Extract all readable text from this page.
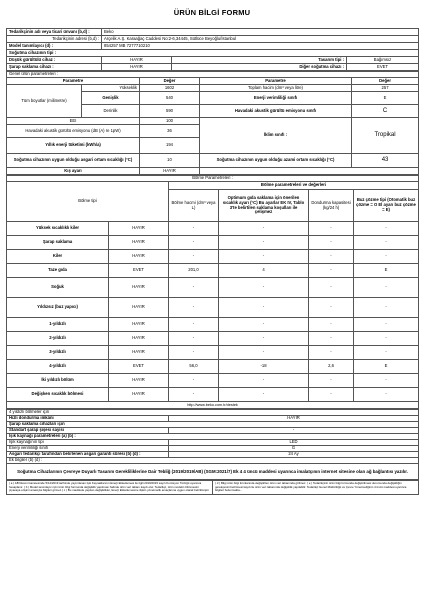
ÜRÜN BİLGİ FORMU
Tedarikçinin adı veya ticari ünvanı (b,d) :	Beko		
Tedarikçinin adresi (b,d) :	Arçelik A.Ş. Karaağaç Caddesi No:2-6,34445, Sütlüce Beyoğlu/İstanbul		
Model tanımlayıcı (d) :	854257 MB 7277710210		
Soğutma cihazının tipi :			
Düşük gürültülü cihaz :	HAYIR	Tasarım tipi :	Bağımsız
Şarap saklama cihazı :	HAYIR	Diğer soğutma cihazı :	EVET
Genel ürün parametreleri :				
Parametre		Değer	Parametre	Değer
Tüm boyutlar (milimetre)	Yükseklik	1602	Toplam hacim (dm³ veya litre)	257
	Genişlik	540	Enerji verimliliği sınıfı	E
	Derinlik	590	Havadaki akustik gürültü emisyonu sınıfı	C
EEI		100	İklim sınıfı :	Tropikal
Havadaki akustik gürültü emisyonu (dB (A) re 1pW)		36		
Yıllık enerji tüketimi (kWh/a)		194		
Soğutma cihazının uygun olduğu asgari ortam sıcaklığı (°C)		10	Soğutma cihazının uygun olduğu azami ortam sıcaklığı (°C)	43
Kış ayarı		HAYIR		
Bölme Parametreleri :					
Bölme tipi		Bölme parametreleri ve değerleri			
		Bölme hacmi (dm³ veya L)	Optimum gıda saklama için önerilen sıcaklık ayarı (°C) Bu ayarlar EK IV, Tablo 3'te belirtilen saklama koşulları ile çelişmez	Dondurma kapasitesi (kg/24 h)	Buz çözme tipi (Otomatik buz çözme = O El ayarı buz çözme = E)
Yüksek sıcaklıklı kiler	HAYIR	-	-	-	-
Şarap saklama	HAYIR	-	-	-	-
Kiler	HAYIR	-	-	-	-
Taze gıda	EVET	201,0	4	-	E
Soğuk	HAYIR	-	-	-	-
Yıldızsız (buz yapıcı)	HAYIR	-	-	-	-
1-yıldızlı	HAYIR	-	-	-	-
2-yıldızlı	HAYIR	-	-	-	-
3-yıldızlı	HAYIR	-	-	-	-
4-yıldızlı	EVET	56,0	-18	2,6	E
İki yıldızlı bölüm	HAYIR	-	-	-	-
Değişken sıcaklık bölmesi	HAYIR	-	-	-	-
http://www.beko.com.tr/destek					
4 yıldızlı bölmeler için	
Hızlı dondurma imkânı	HAYIR
Şarap saklama cihazları için	
Standart şarap şişesi sayısı	-
Işık kaynağı parametreleri (a) (b) :	
Işık kaynağının tipi	LED
Enerji verimliliği sınıfı	G
Asgari tedarikçi tarafından belirlenen asgari garanti süresi (b) (d) :	24 Ay
Ek bilgiler (b) (d) :	
Soğutma Cihazlarının Çevreye Duyarlı Tasarım Gerekliliklerine Dair Tebliğ (2019/2019/AB) (SGM:2021/7) Ek 4 4 üncü maddesi uyarınca imalatçının internet sitesine olan ağ bağlantısı yazılır.	
( a ) AB Resmi Gazetesinde 5/12/2019 tarihinde yayımlanan Işık Kaynaklarının Enerji Etiketlemesi ile ilgili 2019/2015 sayılı Komisyon Tüzüğü uyarınca hesaplanır. ( b ) Model tanımlayıcı için ürün bilgi formunda değişiklik yapılması halinde ürün veri tabanı kaydı olur. Tedarikçi, ürün modelin bilinmesini piyasaya erişimi amacıyla bilgileri girmez.( c ) Bu maddede yapılan değişiklikler, Enerji Etiketlemesine ilişkin yönetmelik amaçlarına uygun olarak belirtilmiştir.	( d ) Bilgi ürün bilgi formlarında değiştirilen ürün veri tabanında girilmez. ( e ) Tedarikçinin ürün bilgi formunda değiştirilmesi durumunda değişikliğin gerekçesini belirtmesi kaydı ile ürün veri tabanında değişiklik yapılabilir. Tedarikçi Genel Müdürlüğü ve Çevre Yönetmeliğinin 4 üncü maddesi uyarınca bilgileri bulunmakta...
